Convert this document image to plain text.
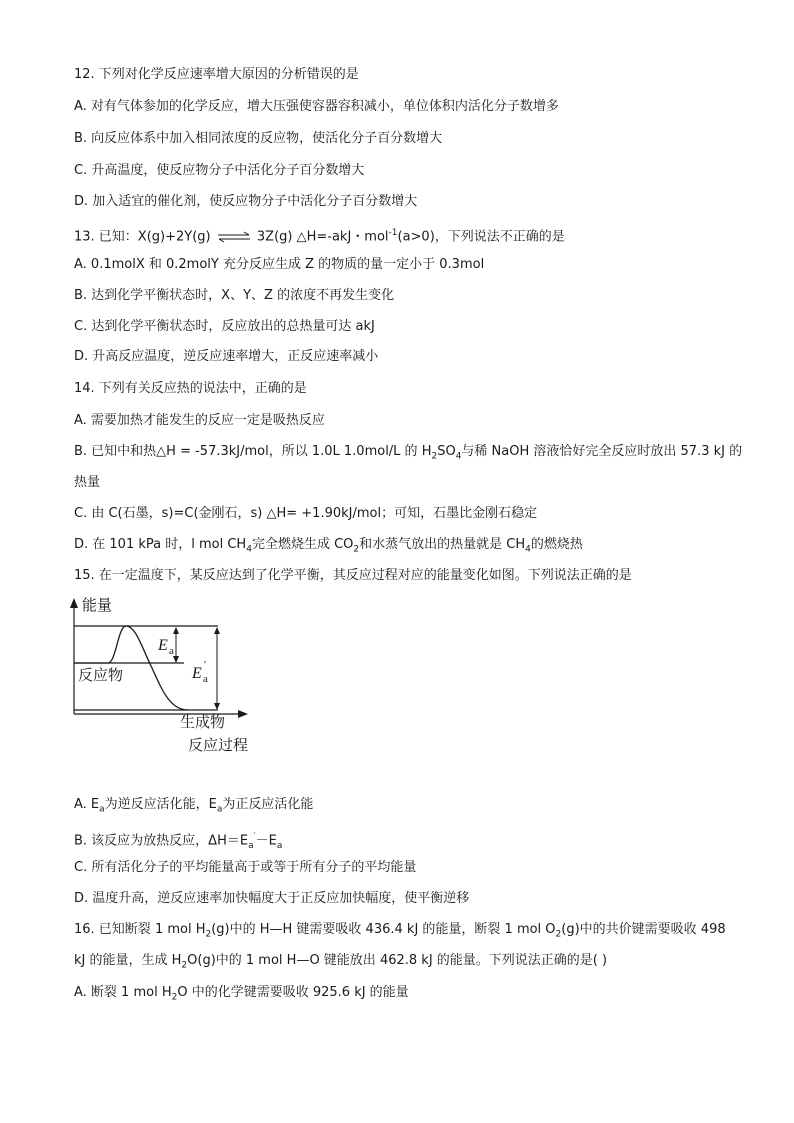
12. 下列对化学反应速率增大原因的分析错误的是
A. 对有气体参加的化学反应，增大压强使容器容积减小，单位体积内活化分子数增多
B. 向反应体系中加入相同浓度的反应物，使活化分子百分数增大
C. 升高温度，使反应物分子中活化分子百分数增大
D. 加入适宜的催化剂，使反应物分子中活化分子百分数增大
13. 已知：X(g)+2Y(g) ⇌ 3Z(g) △H=-akJ・mol$^{-1}$(a>0)，下列说法不正确的是
A. 0.1molX 和 0.2molY 充分反应生成 Z 的物质的量一定小于 0.3mol
B. 达到化学平衡状态时，X、Y、Z 的浓度不再发生变化
C. 达到化学平衡状态时，反应放出的总热量可达 akJ
D. 升高反应温度，逆反应速率增大，正反应速率减小
14. 下列有关反应热的说法中，正确的是
A. 需要加热才能发生的反应一定是吸热反应
B. 已知中和热△H = -57.3kJ/mol，所以 1.0L 1.0mol/L 的 $H_2SO_4$与稀 NaOH 溶液恰好完全反应时放出 57.3 kJ 的
热量
C. 由 C(石墨，s)=C(金刚石，s) △H= +1.90kJ/mol；可知，石墨比金刚石稳定
D. 在 101 kPa 时，l mol $CH_4$完全燃烧生成 $CO_2$和水蒸气放出的热量就是 $CH_4$的燃烧热
15. 在一定温度下，某反应达到了化学平衡，其反应过程对应的能量变化如图。下列说法正确的是
能量
反应物
生成物
反应过程
E a
E a
′
A. $E_a$为逆反应活化能，$E_a$为正反应活化能
B. 该反应为放热反应，$\Delta H=E_a'-E_a$
C. 所有活化分子的平均能量高于或等于所有分子的平均能量
D. 温度升高，逆反应速率加快幅度大于正反应加快幅度，使平衡逆移
16. 已知断裂 1 mol $H_2(g)$中的 H—H 键需要吸收 436.4 kJ 的能量，断裂 1 mol $O_2(g)$中的共价键需要吸收 498
kJ 的能量，生成 $H_2O(g)$中的 1 mol H—O 键能放出 462.8 kJ 的能量。下列说法正确的是( )
A. 断裂 1 mol $H_2O$ 中的化学键需要吸收 925.6 kJ 的能量
